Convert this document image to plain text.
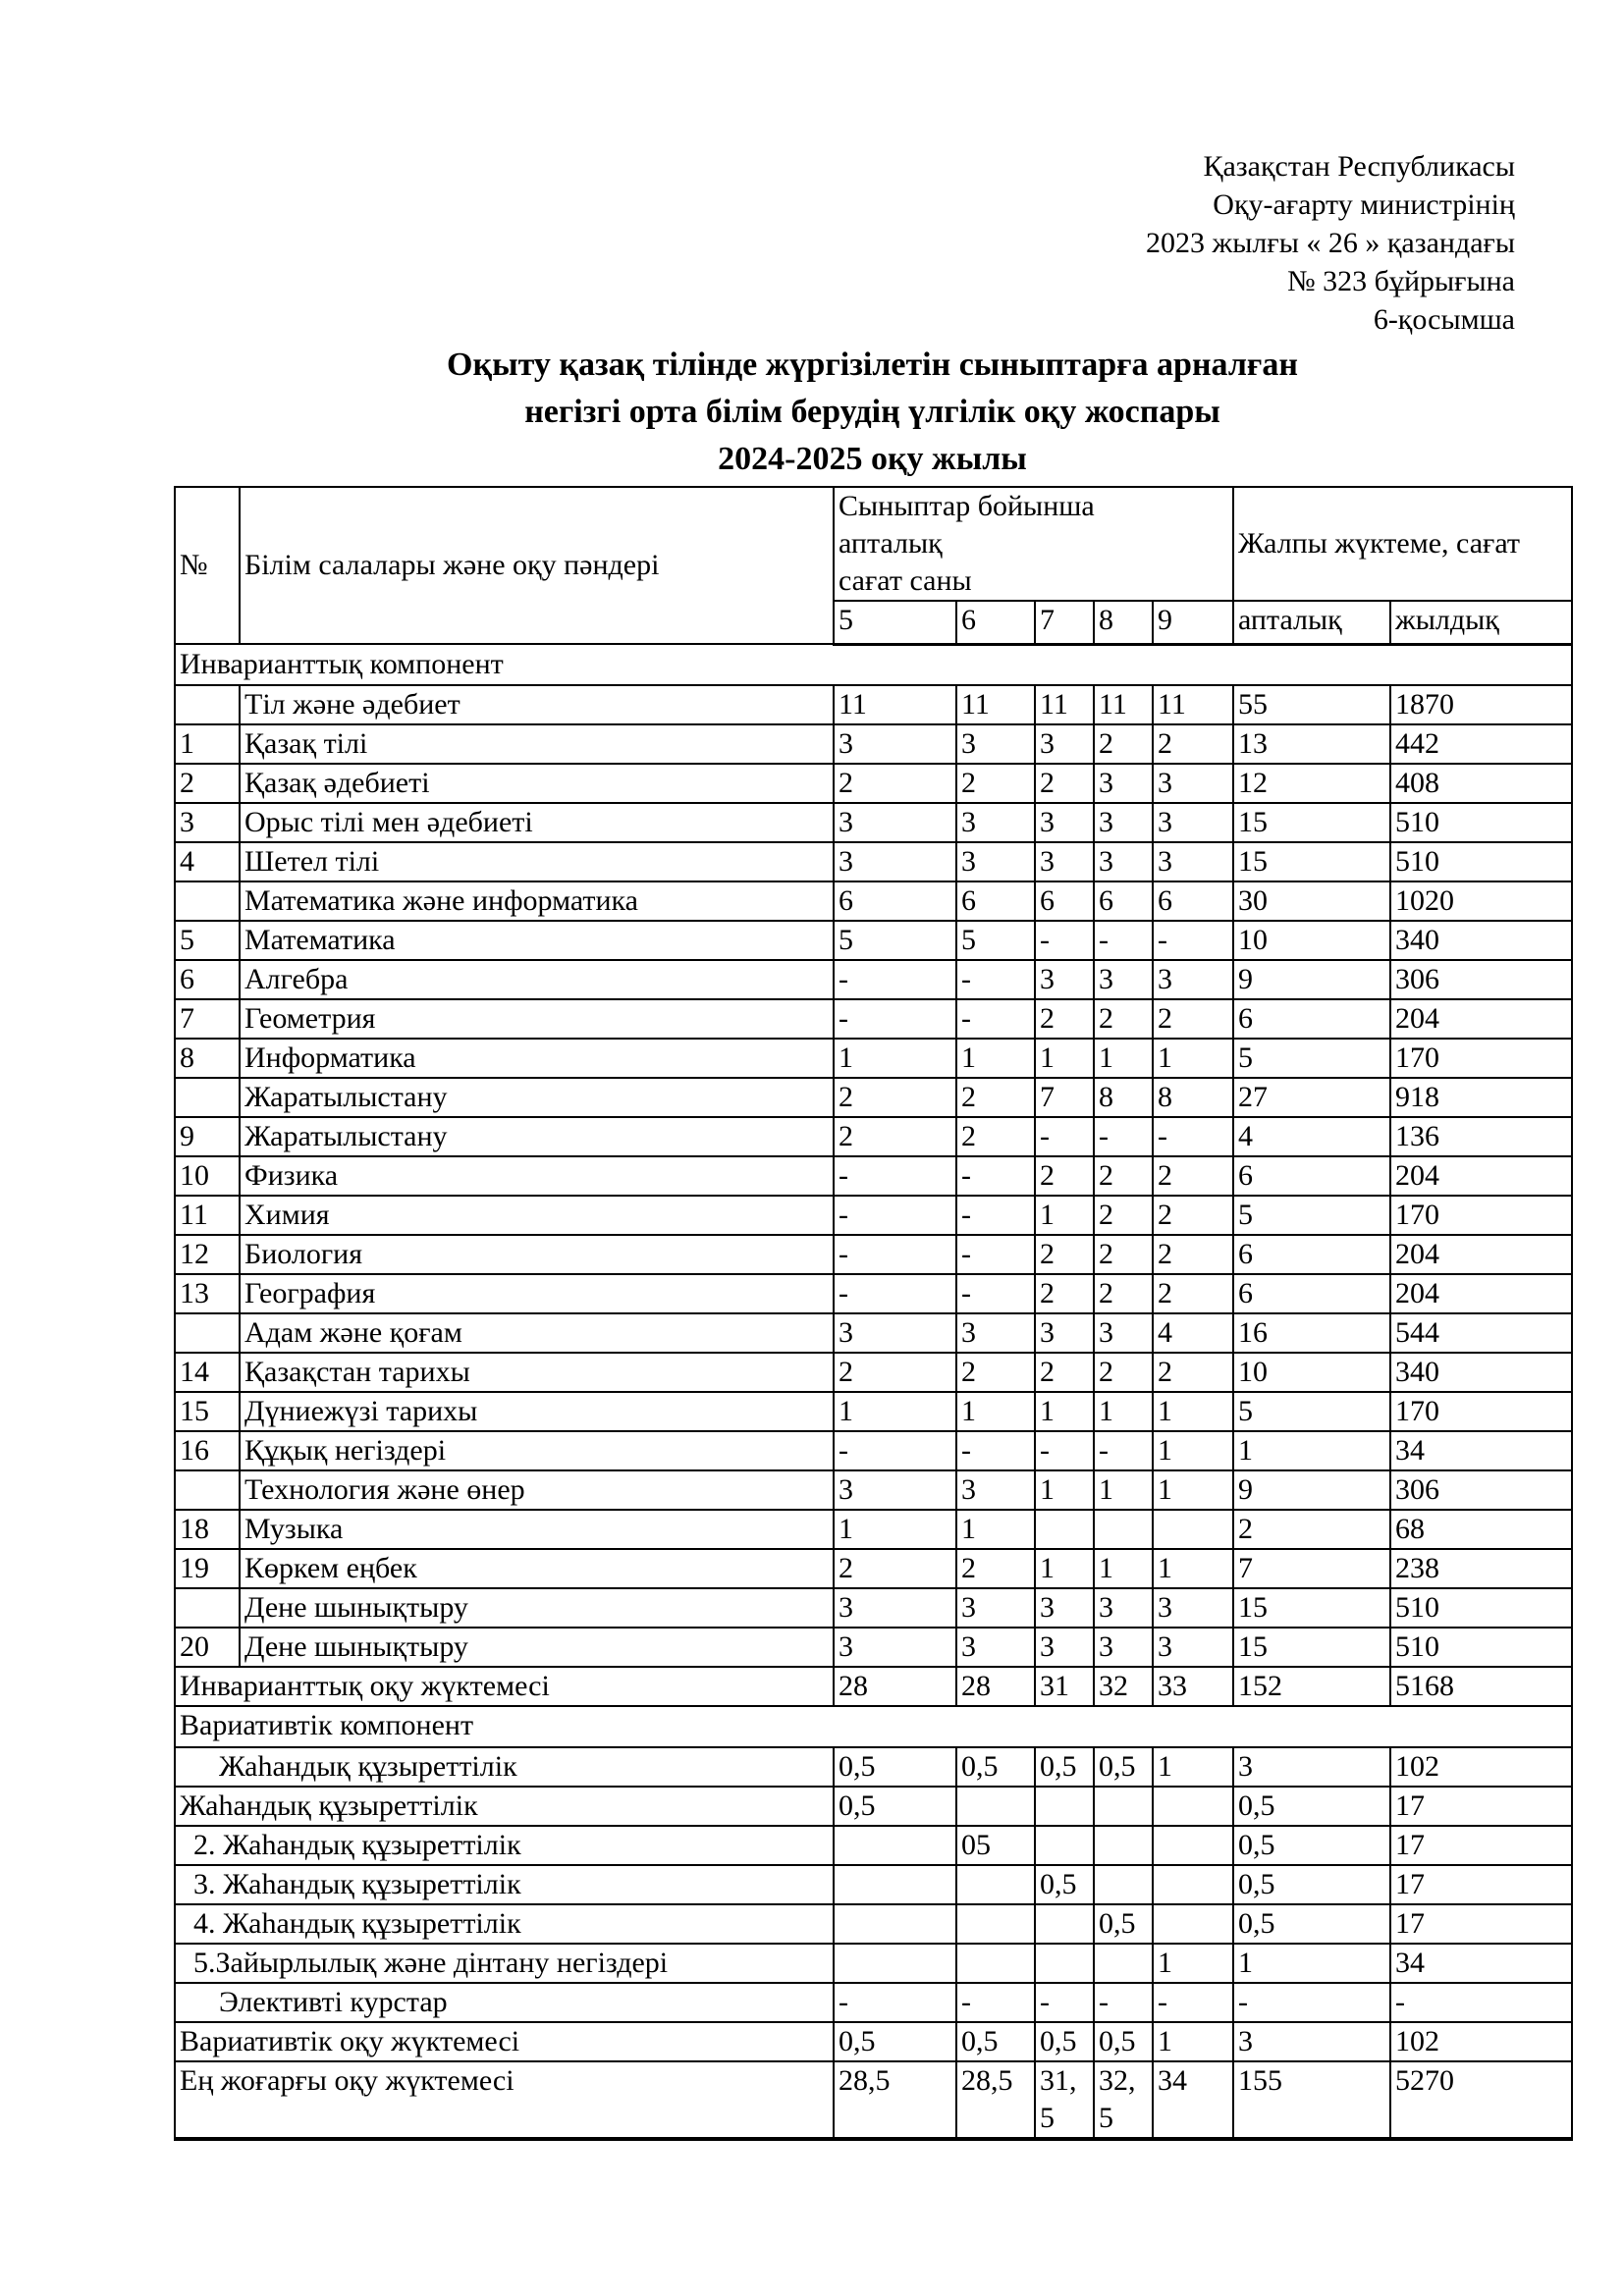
Қазақстан Республикасы
Оқу-ағарту министрінің
2023 жылғы « 26 » қазандағы
№ 323 бұйрығына
6-қосымша
Оқыту қазақ тілінде жүргізілетін сыныптарға арналған
негізгі орта білім берудің үлгілік оқу жоспары
2024-2025 оқу жылы
№	Білім салалары және оқу пәндері	Сыныптар бойынша
апталық
сағат саны					Жалпы жүктеме, сағат	
		5	6	7	8	9	апталық	жылдық
Инварианттық компонент								
	Тіл және әдебиет	11	11	11	11	11	55	1870
1	Қазақ тілі	3	3	3	2	2	13	442
2	Қазақ әдебиеті	2	2	2	3	3	12	408
3	Орыс тілі мен әдебиеті	3	3	3	3	3	15	510
4	Шетел тілі	3	3	3	3	3	15	510
	Математика және информатика	6	6	6	6	6	30	1020
5	Математика	5	5	-	-	-	10	340
6	Алгебра	-	-	3	3	3	9	306
7	Геометрия	-	-	2	2	2	6	204
8	Информатика	1	1	1	1	1	5	170
	Жаратылыстану	2	2	7	8	8	27	918
9	Жаратылыстану	2	2	-	-	-	4	136
10	Физика	-	-	2	2	2	6	204
11	Химия	-	-	1	2	2	5	170
12	Биология	-	-	2	2	2	6	204
13	География	-	-	2	2	2	6	204
	Адам және қоғам	3	3	3	3	4	16	544
14	Қазақстан тарихы	2	2	2	2	2	10	340
15	Дүниежүзі тарихы	1	1	1	1	1	5	170
16	Құқық негіздері	-	-	-	-	1	1	34
	Технология және өнер	3	3	1	1	1	9	306
18	Музыка	1	1				2	68
19	Көркем еңбек	2	2	1	1	1	7	238
	Дене шынықтыру	3	3	3	3	3	15	510
20	Дене шынықтыру	3	3	3	3	3	15	510
Инварианттық оқу жүктемесі		28	28	31	32	33	152	5168
Вариативтік компонент								
Жаһандық құзыреттілік		0,5	0,5	0,5	0,5	1	3	102
Жаһандық құзыреттілік		0,5					0,5	17
2. Жаһандық құзыреттілік			05				0,5	17
3. Жаһандық құзыреттілік				0,5			0,5	17
4. Жаһандық құзыреттілік					0,5		0,5	17
5.Зайырлылық және дінтану негіздері						1	1	34
Элективті курстар		-	-	-	-	-	-	-
Вариативтік оқу жүктемесі		0,5	0,5	0,5	0,5	1	3	102
Ең жоғарғы оқу жүктемесі		28,5	28,5	31,5	32,5	34	155	5270
